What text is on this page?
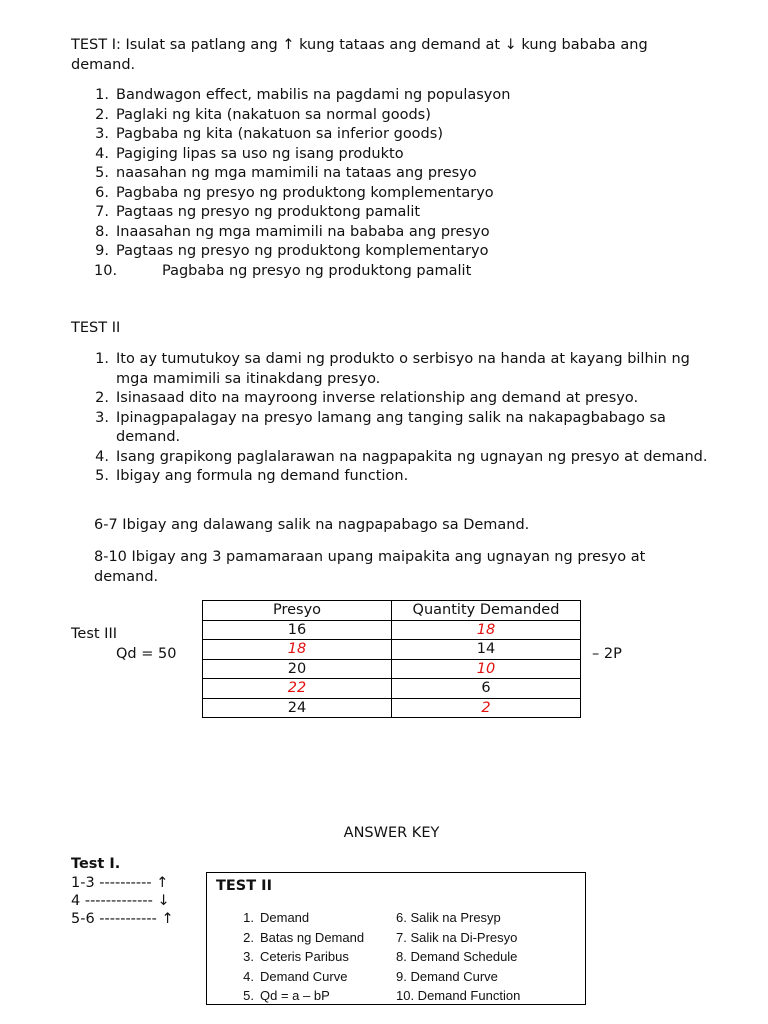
TEST I: Isulat sa patlang ang ↑ kung tataas ang demand at ↓ kung bababa ang demand.

1. Bandwagon effect, mabilis na pagdami ng populasyon
2. Paglaki ng kita (nakatuon sa normal goods)
3. Pagbaba ng kita (nakatuon sa inferior goods)
4. Pagiging lipas sa uso ng isang produkto
5. naasahan ng mga mamimili na tataas ang presyo
6. Pagbaba ng presyo ng produktong komplementaryo
7. Pagtaas ng presyo ng produktong pamalit
8. Inaasahan ng mga mamimili na bababa ang presyo
9. Pagtaas ng presyo ng produktong komplementaryo
10.	Pagbaba ng presyo ng produktong pamalit

TEST II

1. Ito ay tumutukoy sa dami ng produkto o serbisyo na handa at kayang bilhin ng mga mamimili sa itinakdang presyo.
2. Isinasaad dito na mayroong inverse relationship ang demand at presyo.
3. Ipinagpapalagay na presyo lamang ang tanging salik na nakapagbabago sa demand.
4. Isang grapikong paglalarawan na nagpapakita ng ugnayan ng presyo at demand.
5. Ibigay ang formula ng demand function.

6-7 Ibigay ang dalawang salik na nagpapabago sa Demand.

8-10 Ibigay ang 3 pamamaraan upang maipakita ang ugnayan ng presyo at demand.

Test III
Qd = 50	– 2P
Presyo	Quantity Demanded
16	18
18	14
20	10
22	6
24	2

ANSWER KEY

Test I.

1-3 ---------- ↑

4 ------------- ↓

5-6 ----------- ↑

TEST II
1. Demand
2. Batas ng Demand
3. Ceteris Paribus
4. Demand Curve
5. Qd = a – bP
6. Salik na Presyp
7. Salik na Di-Presyo
8. Demand Schedule
9. Demand Curve
10. Demand Function
